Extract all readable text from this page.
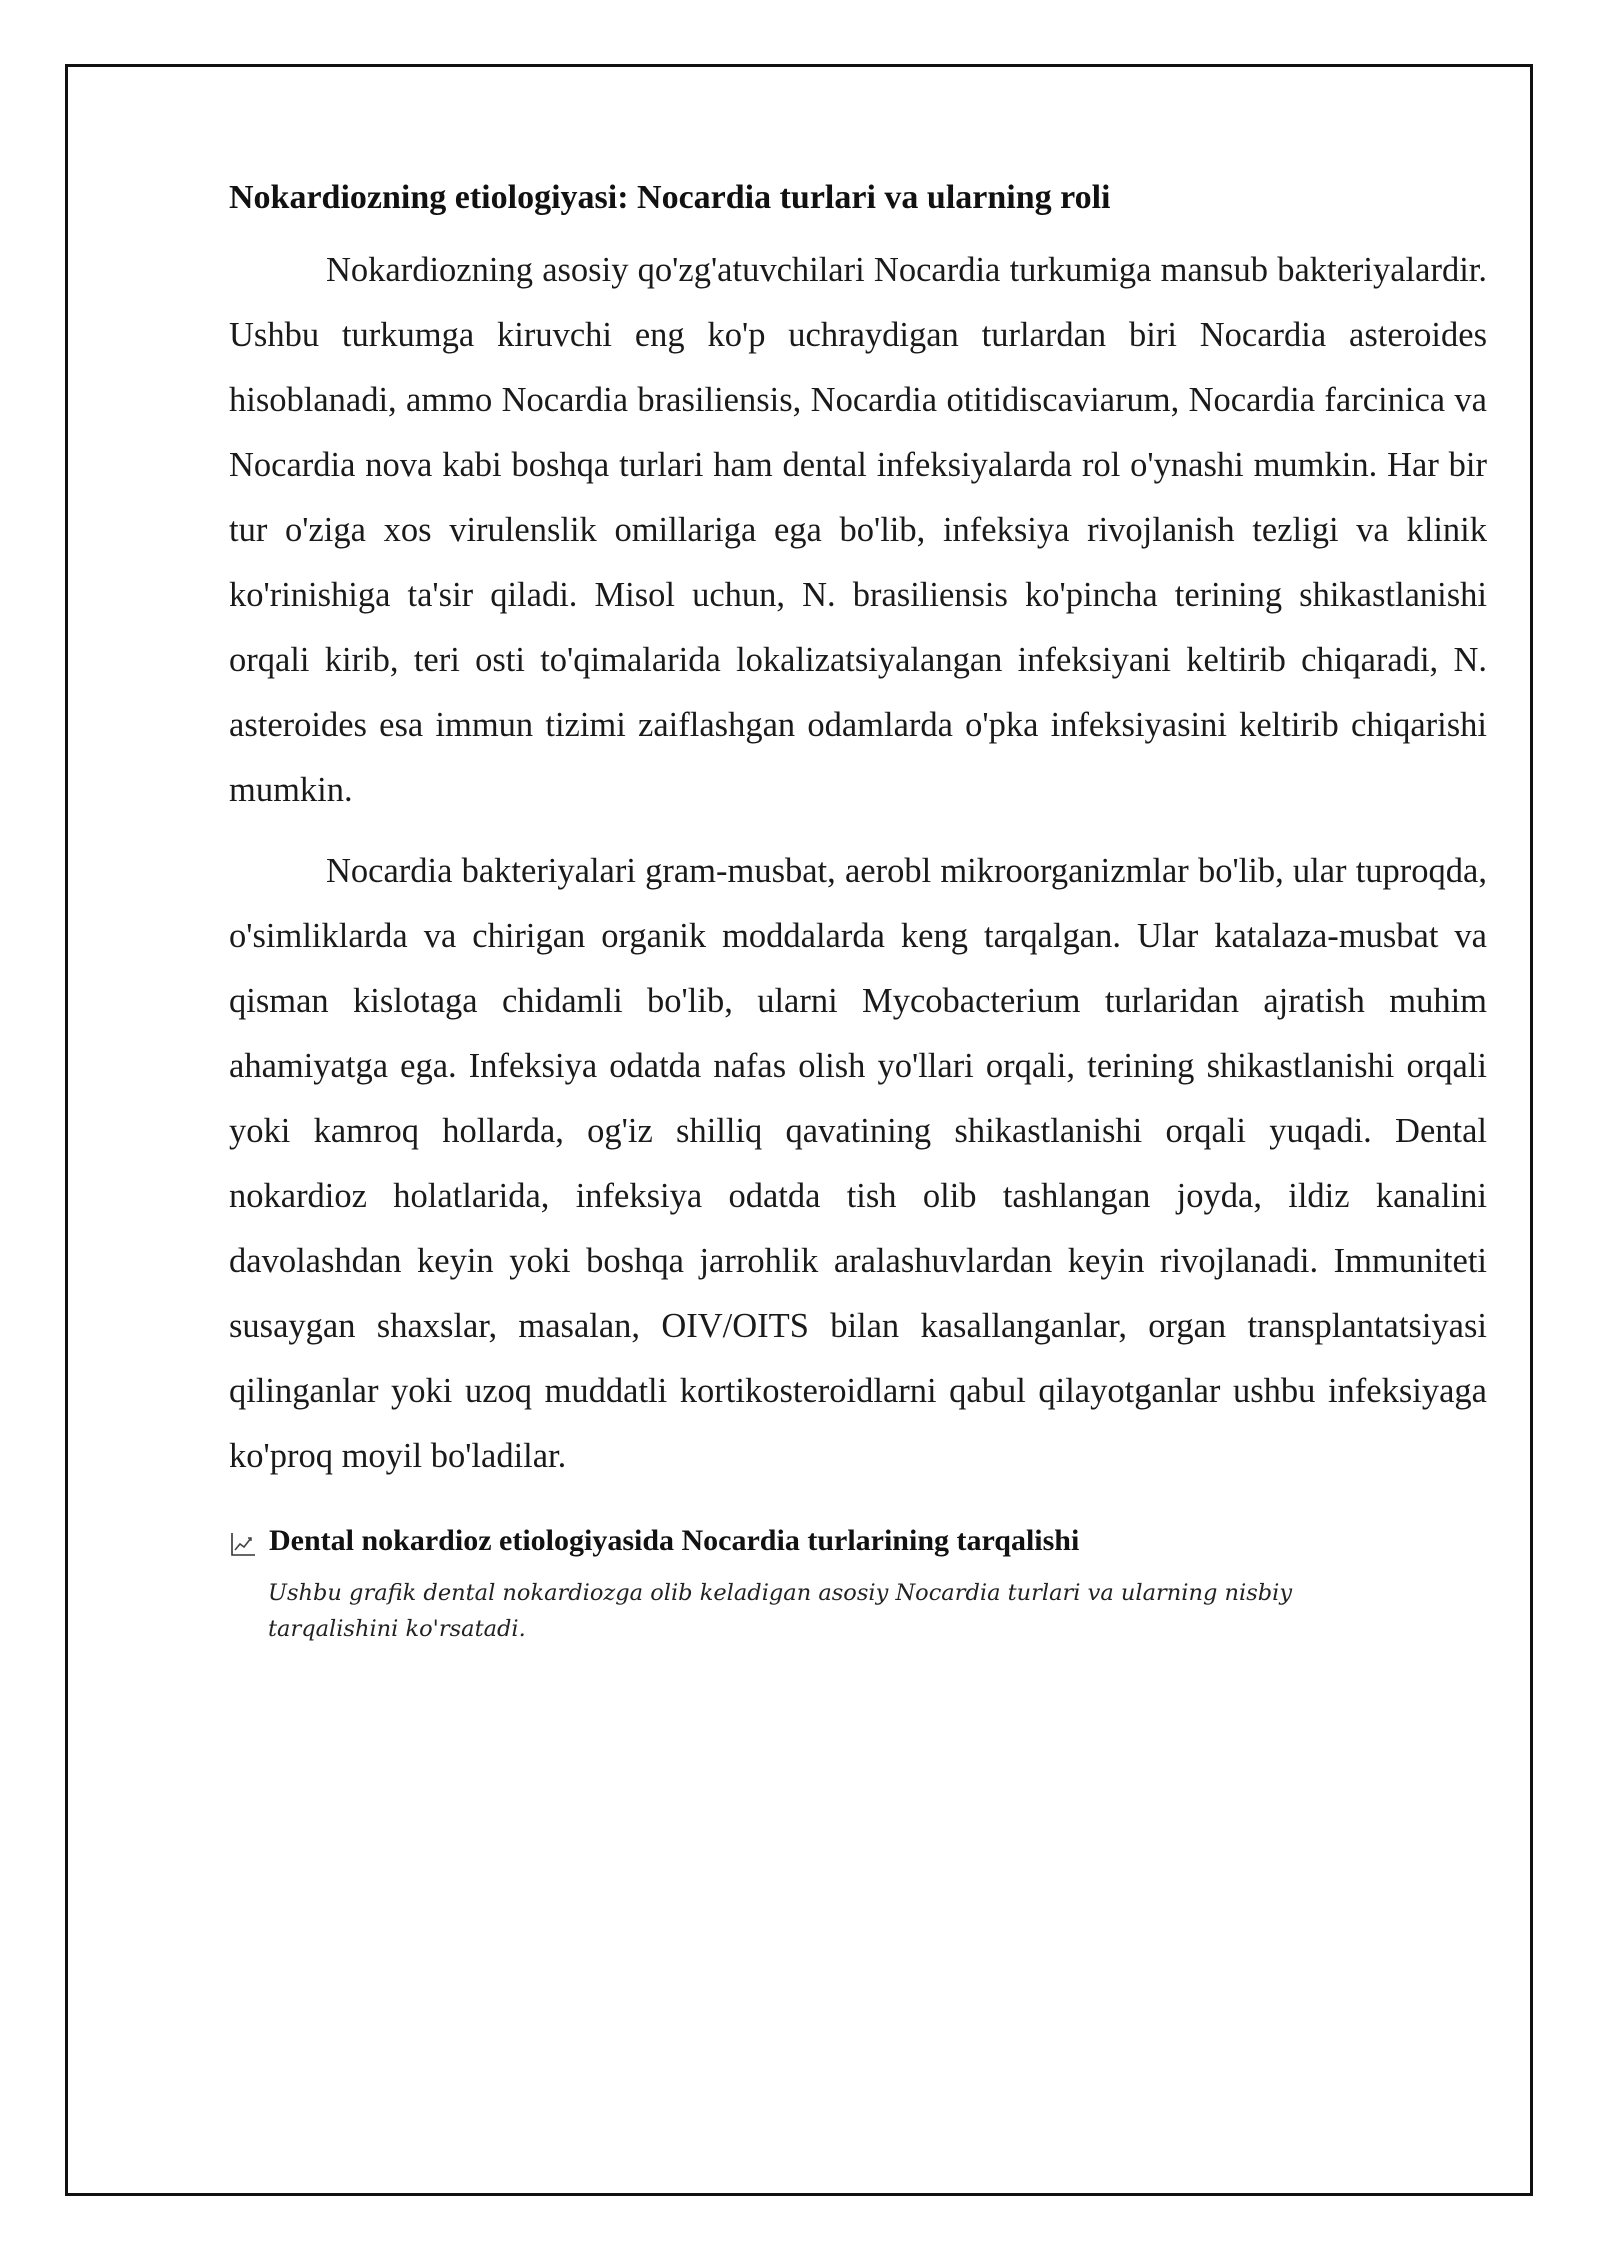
Nokardiozning etiologiyasi: Nocardia turlari va ularning roli

Nokardiozning asosiy qo'zg'atuvchilari Nocardia turkumiga mansub bakteriyalardir. Ushbu turkumga kiruvchi eng ko'p uchraydigan turlardan biri Nocardia asteroides hisoblanadi, ammo Nocardia brasiliensis, Nocardia otitidiscaviarum, Nocardia farcinica va Nocardia nova kabi boshqa turlari ham dental infeksiyalarda rol o'ynashi mumkin. Har bir tur o'ziga xos virulenslik omillariga ega bo'lib, infeksiya rivojlanish tezligi va klinik ko'rinishiga ta'sir qiladi. Misol uchun, N. brasiliensis ko'pincha terining shikastlanishi orqali kirib, teri osti to'qimalarida lokalizatsiyalangan infeksiyani keltirib chiqaradi, N. asteroides esa immun tizimi zaiflashgan odamlarda o'pka infeksiyasini keltirib chiqarishi mumkin.

Nocardia bakteriyalari gram-musbat, aerobl mikroorganizmlar bo'lib, ular tuproqda, o'simliklarda va chirigan organik moddalarda keng tarqalgan. Ular katalaza-musbat va qisman kislotaga chidamli bo'lib, ularni Mycobacterium turlaridan ajratish muhim ahamiyatga ega. Infeksiya odatda nafas olish yo'llari orqali, terining shikastlanishi orqali yoki kamroq hollarda, og'iz shilliq qavatining shikastlanishi orqali yuqadi. Dental nokardioz holatlarida, infeksiya odatda tish olib tashlangan joyda, ildiz kanalini davolashdan keyin yoki boshqa jarrohlik aralashuvlardan keyin rivojlanadi. Immuniteti susaygan shaxslar, masalan, OIV/OITS bilan kasallanganlar, organ transplantatsiyasi qilinganlar yoki uzoq muddatli kortikosteroidlarni qabul qilayotganlar ushbu infeksiyaga ko'proq moyil bo'ladilar.

Dental nokardioz etiologiyasida Nocardia turlarining tarqalishi
Ushbu grafik dental nokardiozga olib keladigan asosiy Nocardia turlari va ularning nisbiy tarqalishini ko'rsatadi.
